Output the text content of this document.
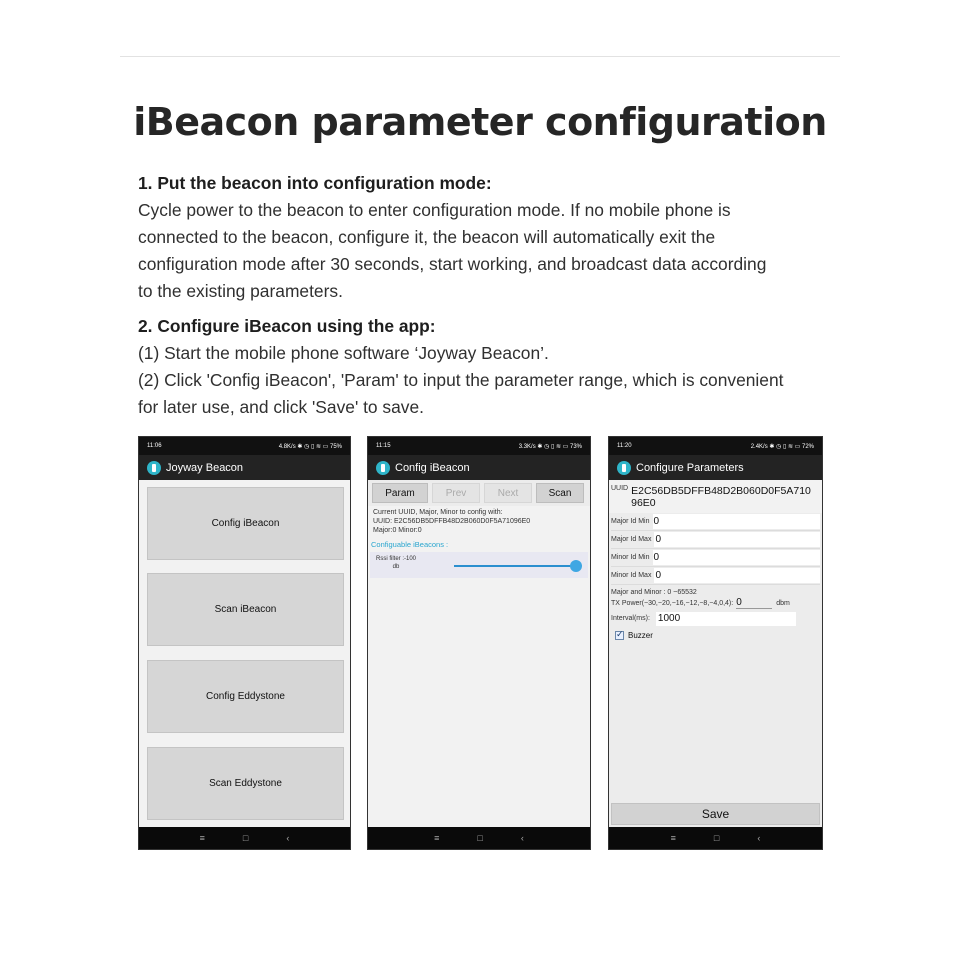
iBeacon parameter configuration
1. Put the beacon into configuration mode:
Cycle power to the beacon to enter configuration mode. If no mobile phone is
connected to the beacon, configure it, the beacon will automatically exit the
configuration mode after 30 seconds, start working, and broadcast data according
to the existing parameters.
2. Configure iBeacon using the app:
(1) Start the mobile phone software ‘Joyway Beacon’.
(2) Click 'Config iBeacon', 'Param' to input the parameter range, which is convenient
for later use, and click 'Save' to save.
11:06	4.8K/s ✱ ◷ ▯ ≋ ▭ 75%
Joyway Beacon
Config iBeacon
Scan iBeacon
Config Eddystone
Scan Eddystone
≡	□	‹
11:15	3.3K/s ✱ ◷ ▯ ≋ ▭ 73%
Config iBeacon
Param	Prev	Next	Scan
Current UUID, Major, Minor to config with:
UUID: E2C56DB5DFFB48D2B060D0F5A71096E0
Major:0 Minor:0
Configuable iBeacons :
Rssi filter :-100
db
≡	□	‹
11:20	2.4K/s ✱ ◷ ▯ ≋ ▭ 72%
Configure Parameters
UUID E2C56DB5DFFB48D2B060D0F5A71096E0
Major Id Min 0
Major Id Max 0
Minor Id Min 0
Minor Id Max 0
Major and Minor : 0 ~65532
TX Power(−30,−20,−16,−12,−8,−4,0,4): 0	dbm
Interval(ms): 1000
✓
Buzzer
Save
≡	□	‹
